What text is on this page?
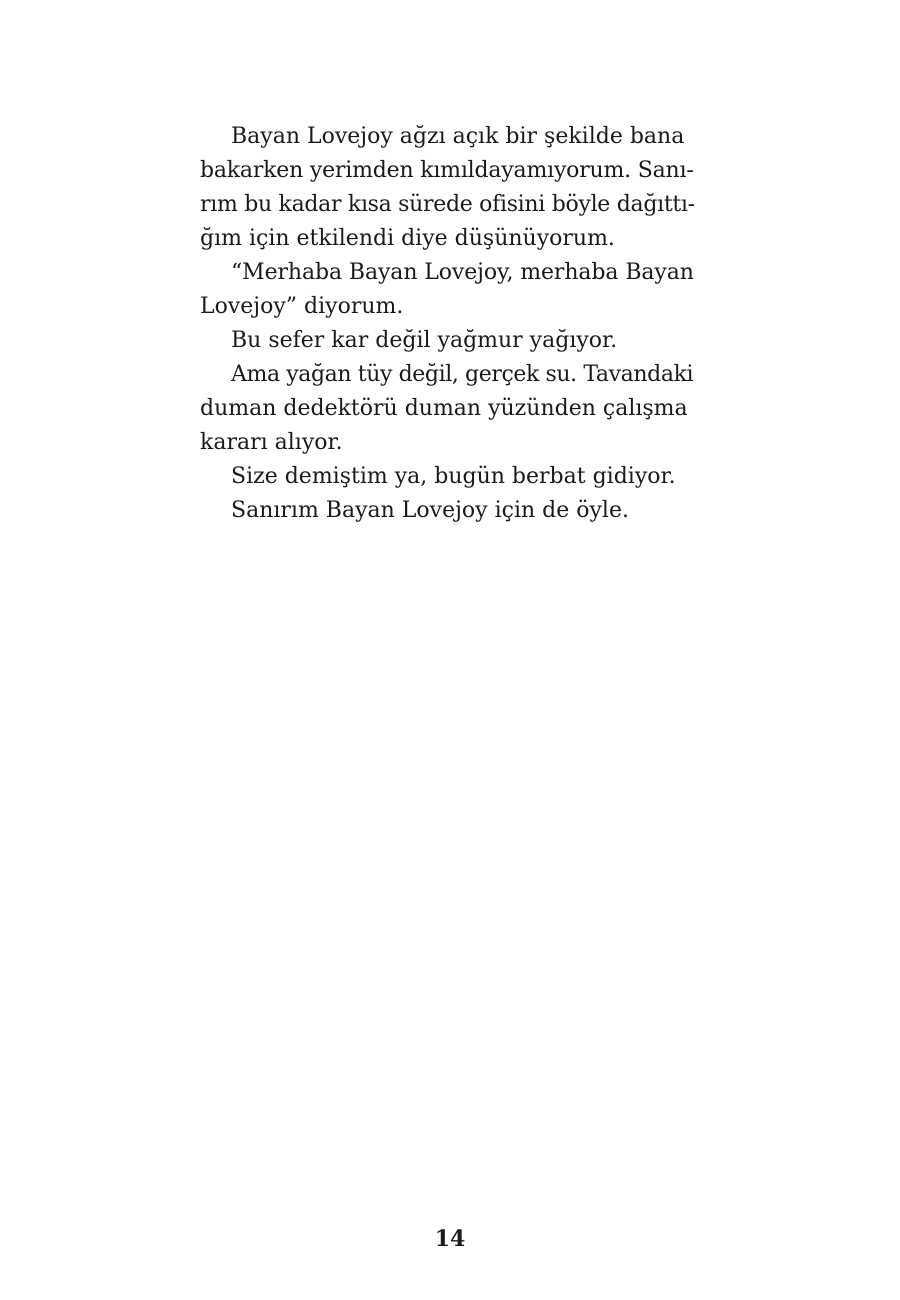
Bayan Lovejoy ağzı açık bir şekilde bana
bakarken yerimden kımıldayamıyorum. Sanı-
rım bu kadar kısa sürede ofisini böyle dağıttı-
ğım için etkilendi diye düşünüyorum.
“Merhaba Bayan Lovejoy, merhaba Bayan
Lovejoy” diyorum.
Bu sefer kar değil yağmur yağıyor.
Ama yağan tüy değil, gerçek su. Tavandaki
duman dedektörü duman yüzünden çalışma
kararı alıyor.
Size demiştim ya, bugün berbat gidiyor.
Sanırım Bayan Lovejoy için de öyle.
14
